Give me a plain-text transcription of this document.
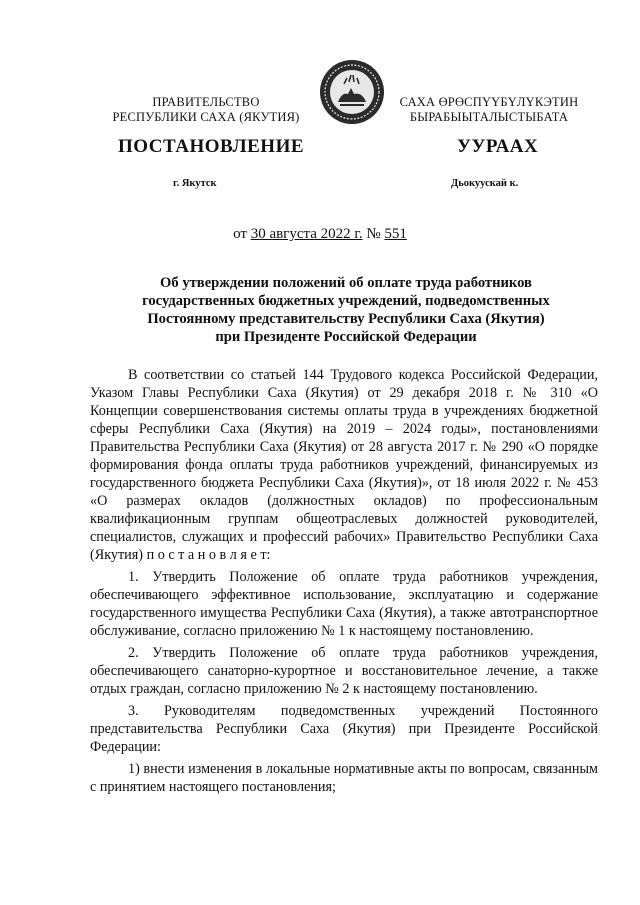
ПРАВИТЕЛЬСТВО
РЕСПУБЛИКИ САХА (ЯКУТИЯ)
САХА ӨРӨСПҮҮБҮЛҮКЭТИН
БЫРАБЫЫТАЛЫСТЫБАТА
ПОСТАНОВЛЕНИЕ	УУРААХ
г. Якутск	Дьокуускай к.
от 30 августа 2022 г. № 551
Об утверждении положений об оплате труда работников
государственных бюджетных учреждений, подведомственных
Постоянному представительству Республики Саха (Якутия)
при Президенте Российской Федерации

В соответствии со статьей 144 Трудового кодекса Российской Федерации, Указом Главы Республики Саха (Якутия) от 29 декабря 2018 г. № 310 «О Концепции совершенствования системы оплаты труда в учреждениях бюджетной сферы Республики Саха (Якутия) на 2019 – 2024 годы», постановлениями Правительства Республики Саха (Якутия) от 28 августа 2017 г. № 290 «О порядке формирования фонда оплаты труда работников учреждений, финансируемых из государственного бюджета Республики Саха (Якутия)», от 18 июля 2022 г. № 453 «О размерах окладов (должностных окладов) по профессиональным квалификационным группам общеотраслевых должностей руководителей, специалистов, служащих и профессий рабочих» Правительство Республики Саха (Якутия) п о с т а н о в л я е т:

1. Утвердить Положение об оплате труда работников учреждения, обеспечивающего эффективное использование, эксплуатацию и содержание государственного имущества Республики Саха (Якутия), а также автотранспортное обслуживание, согласно приложению № 1 к настоящему постановлению.

2. Утвердить Положение об оплате труда работников учреждения, обеспечивающего санаторно-курортное и восстановительное лечение, а также отдых граждан, согласно приложению № 2 к настоящему постановлению.

3. Руководителям подведомственных учреждений Постоянного представительства Республики Саха (Якутия) при Президенте Российской Федерации:

1) внести изменения в локальные нормативные акты по вопросам, связанным с принятием настоящего постановления;
